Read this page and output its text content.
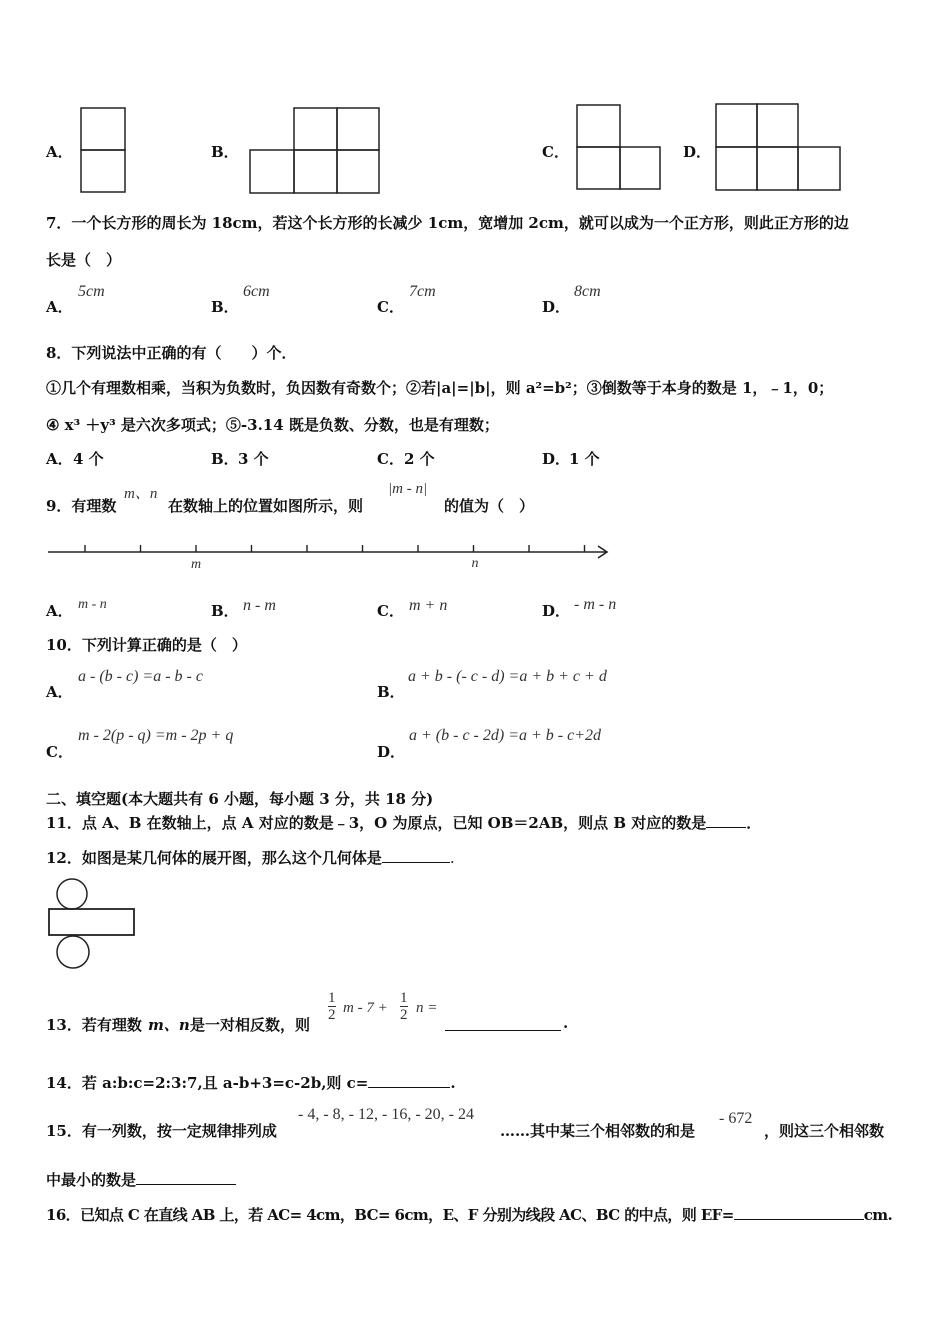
A．	B．	C．	D．
7．一个长方形的周长为 18cm，若这个长方形的长减少 1cm，宽增加 2cm，就可以成为一个正方形，则此正方形的边
长是（　）
A．
5cm
B．
6cm
C．
7cm
D．
8cm
8．下列说法中正确的有（　　）个．
①几个有理数相乘，当积为负数时，负因数有奇数个；②若|a|=|b|，则 a²=b²；③倒数等于本身的数是 1，﹣1，0；
④ x³ ＋y³ 是六次多项式；⑤-3.14 既是负数、分数，也是有理数；
A． 4 个	B． 3 个	C． 2 个	D．
1 个
9．有理数
m、n
在数轴上的位置如图所示，则
|m - n|
的值为（　）
m	n
A． m - n	B． n - m	C． m + n	D． - m - n
10．下列计算正确的是（　）
A．
a - (b - c) =a - b - c
B．
a + b - (- c - d) =a + b + c + d
C．
m - 2(p - q) =m - 2p + q
D．
a + (b - c - 2d) =a + b - c+2d
二、填空题(本大题共有 6 小题，每小题 3 分，共 18 分)
11．点 A、B 在数轴上，点 A 对应的数是﹣3，O 为原点，已知 OB＝2AB，则点 B 对应的数是	．
12．如图是某几何体的展开图，那么这个几何体是	.
13．若有理数 m、n 是一对相反数，则
$\frac{1}{2}$ $m - 7 + \frac{1}{2}$ n =
.
14．若 a:b:c=2:3:7,且 a-b+3=c-2b,则 c=	.
15．有一列数，按一定规律排列成
- 4, - 8, - 12, - 16, - 20, - 24
……其中某三个相邻数的和是
- 672
，则这三个相邻数
中最小的数是
16．已知点 C 在直线 AB 上，若 AC= 4cm，BC= 6cm，E、F 分别为线段 AC、BC 的中点，则 EF=	cm.
